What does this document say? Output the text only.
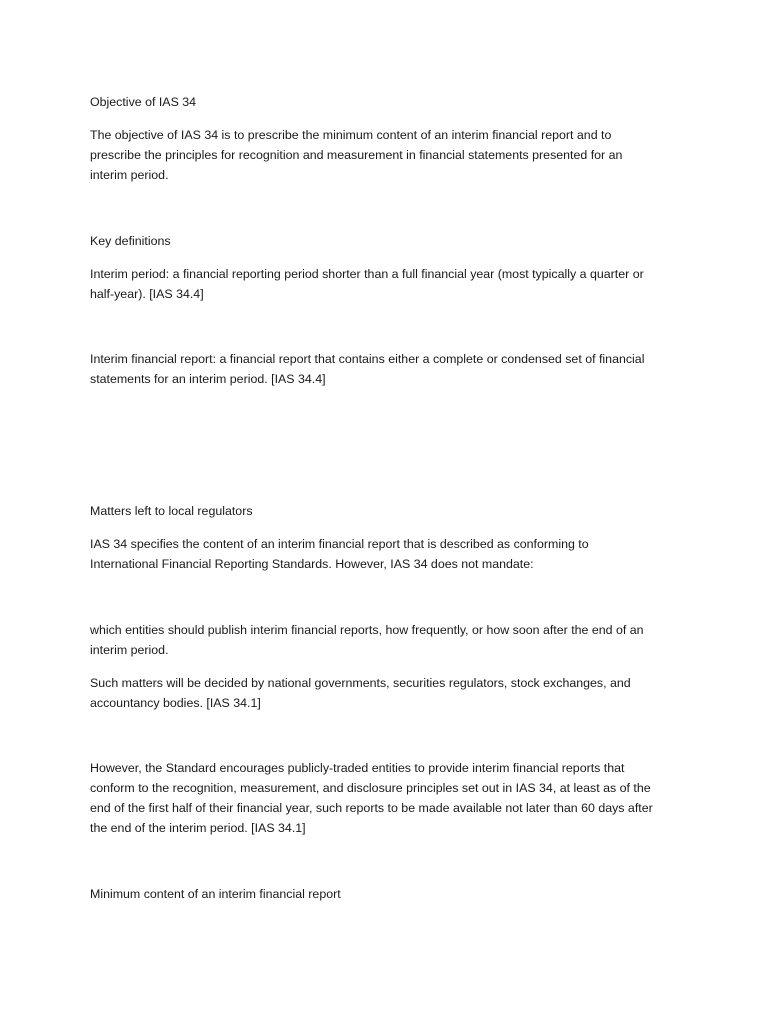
Objective of IAS 34

The objective of IAS 34 is to prescribe the minimum content of an interim financial report and to

prescribe the principles for recognition and measurement in financial statements presented for an

interim period.

Key definitions

Interim period: a financial reporting period shorter than a full financial year (most typically a quarter or

half-year). [IAS 34.4]

Interim financial report: a financial report that contains either a complete or condensed set of financial

statements for an interim period. [IAS 34.4]

Matters left to local regulators

IAS 34 specifies the content of an interim financial report that is described as conforming to

International Financial Reporting Standards. However, IAS 34 does not mandate:

which entities should publish interim financial reports, how frequently, or how soon after the end of an

interim period.

Such matters will be decided by national governments, securities regulators, stock exchanges, and

accountancy bodies. [IAS 34.1]

However, the Standard encourages publicly-traded entities to provide interim financial reports that

conform to the recognition, measurement, and disclosure principles set out in IAS 34, at least as of the

end of the first half of their financial year, such reports to be made available not later than 60 days after

the end of the interim period. [IAS 34.1]

Minimum content of an interim financial report
